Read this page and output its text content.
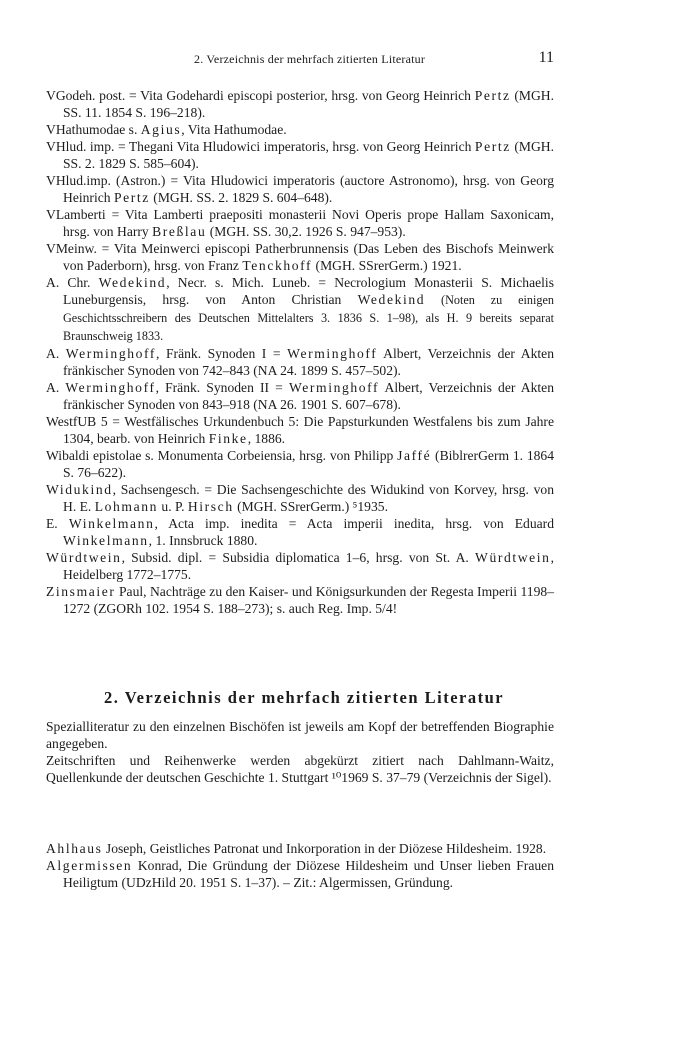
2. Verzeichnis der mehrfach zitierten Literatur	11

VGodeh. post. = Vita Godehardi episcopi posterior, hrsg. von Georg Heinrich Pertz (MGH. SS. 11. 1854 S. 196–218).

VHathumodae s. Agius, Vita Hathumodae.

VHlud. imp. = Thegani Vita Hludowici imperatoris, hrsg. von Georg Heinrich Pertz (MGH. SS. 2. 1829 S. 585–604).

VHlud.imp. (Astron.) = Vita Hludowici imperatoris (auctore Astronomo), hrsg. von Georg Heinrich Pertz (MGH. SS. 2. 1829 S. 604–648).

VLamberti = Vita Lamberti praepositi monasterii Novi Operis prope Hallam Saxonicam, hrsg. von Harry Breßlau (MGH. SS. 30,2. 1926 S. 947–953).

VMeinw. = Vita Meinwerci episcopi Patherbrunnensis (Das Leben des Bischofs Meinwerk von Paderborn), hrsg. von Franz Tenckhoff (MGH. SSrerGerm.) 1921.

A. Chr. Wedekind, Necr. s. Mich. Luneb. = Necrologium Monasterii S. Michaelis Luneburgensis, hrsg. von Anton Christian Wedekind (Noten zu einigen Geschichtsschreibern des Deutschen Mittelalters 3. 1836 S. 1–98), als H. 9 bereits separat Braunschweig 1833.

A. Werminghoff, Fränk. Synoden I = Werminghoff Albert, Verzeichnis der Akten fränkischer Synoden von 742–843 (NA 24. 1899 S. 457–502).

A. Werminghoff, Fränk. Synoden II = Werminghoff Albert, Verzeichnis der Akten fränkischer Synoden von 843–918 (NA 26. 1901 S. 607–678).

WestfUB 5 = Westfälisches Urkundenbuch 5: Die Papsturkunden Westfalens bis zum Jahre 1304, bearb. von Heinrich Finke, 1886.

Wibaldi epistolae s. Monumenta Corbeiensia, hrsg. von Philipp Jaffé (BiblrerGerm 1. 1864 S. 76–622).

Widukind, Sachsengesch. = Die Sachsengeschichte des Widukind von Korvey, hrsg. von H. E. Lohmann u. P. Hirsch (MGH. SSrerGerm.) ⁵1935.

E. Winkelmann, Acta imp. inedita = Acta imperii inedita, hrsg. von Eduard Winkelmann, 1. Innsbruck 1880.

Würdtwein, Subsid. dipl. = Subsidia diplomatica 1–6, hrsg. von St. A. Würdtwein, Heidelberg 1772–1775.

Zinsmaier Paul, Nachträge zu den Kaiser- und Königsurkunden der Regesta Imperii 1198–1272 (ZGORh 102. 1954 S. 188–273); s. auch Reg. Imp. 5/4!

2. Verzeichnis der mehrfach zitierten Literatur

Spezialliteratur zu den einzelnen Bischöfen ist jeweils am Kopf der betreffenden Biographie angegeben.

Zeitschriften und Reihenwerke werden abgekürzt zitiert nach Dahlmann-Waitz, Quellenkunde der deutschen Geschichte 1. Stuttgart ¹⁰1969 S. 37–79 (Verzeichnis der Sigel).

Ahlhaus Joseph, Geistliches Patronat und Inkorporation in der Diözese Hildesheim. 1928.

Algermissen Konrad, Die Gründung der Diözese Hildesheim und Unser lieben Frauen Heiligtum (UDzHild 20. 1951 S. 1–37). – Zit.: Algermissen, Gründung.
